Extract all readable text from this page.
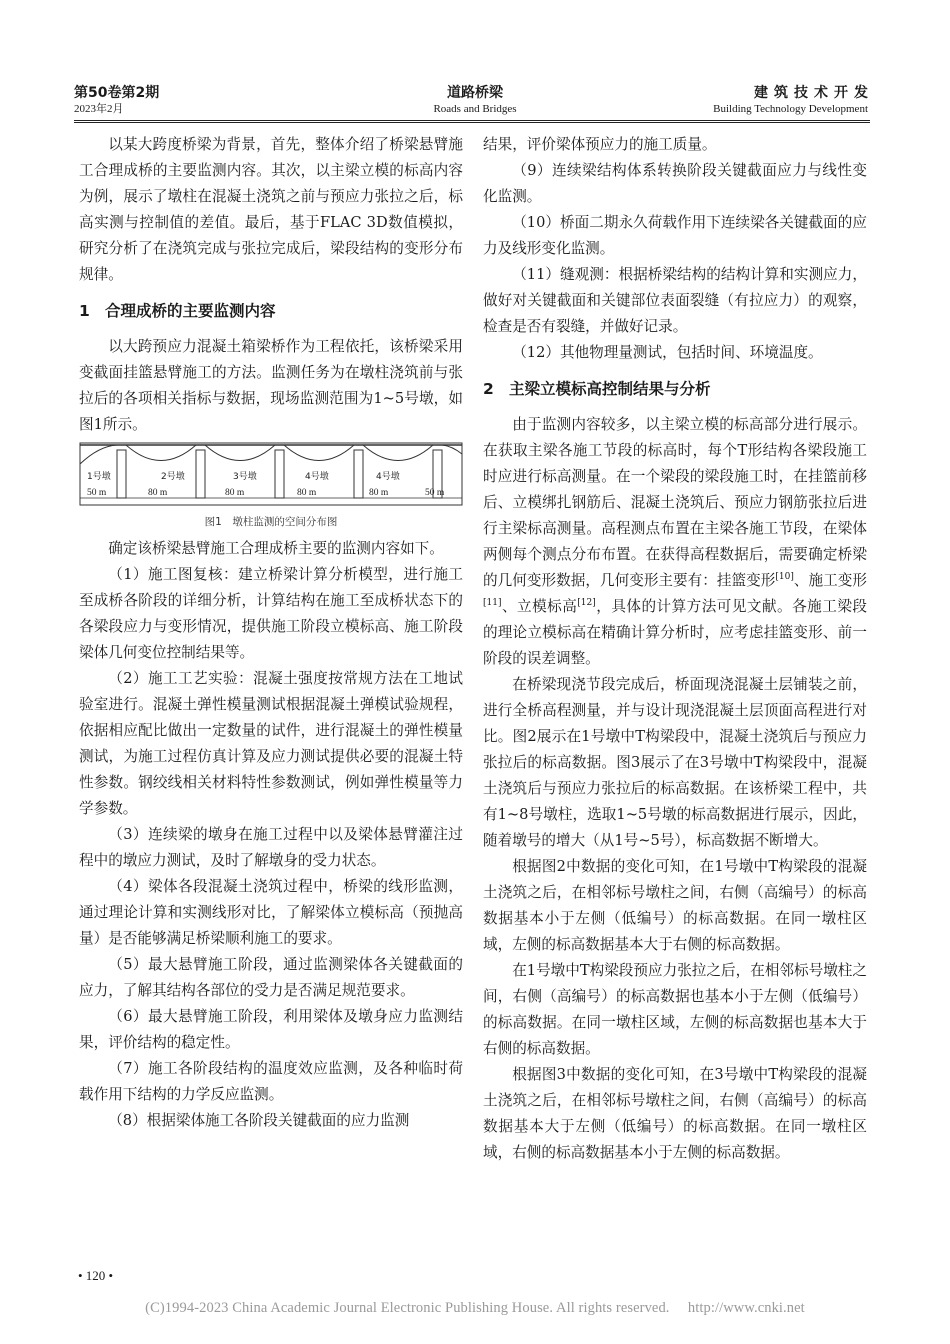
第50卷第2期
2023年2月
道路桥梁
Roads and Bridges
建筑技术开发
Building Technology Development

以某大跨度桥梁为背景，首先，整体介绍了桥梁悬臂施工合理成桥的主要监测内容。其次，以主梁立模的标高内容为例，展示了墩柱在混凝土浇筑之前与预应力张拉之后，标高实测与控制值的差值。最后，基于FLAC 3D数值模拟，研究分析了在浇筑完成与张拉完成后，梁段结构的变形分布规律。

1 合理成桥的主要监测内容

以大跨预应力混凝土箱梁桥作为工程依托，该桥梁采用变截面挂篮悬臂施工的方法。监测任务为在墩柱浇筑前与张拉后的各项相关指标与数据，现场监测范围为1~5号墩，如图1所示。

1号墩	2号墩	3号墩	4号墩	4号墩
50 m	80 m	80 m	80 m	80 m	50 m
图1　墩柱监测的空间分布图

确定该桥梁悬臂施工合理成桥主要的监测内容如下。

（1）施工图复核：建立桥梁计算分析模型，进行施工至成桥各阶段的详细分析，计算结构在施工至成桥状态下的各梁段应力与变形情况，提供施工阶段立模标高、施工阶段梁体几何变位控制结果等。

（2）施工工艺实验：混凝土强度按常规方法在工地试验室进行。混凝土弹性模量测试根据混凝土弹模试验规程，依据相应配比做出一定数量的试件，进行混凝土的弹性模量测试，为施工过程仿真计算及应力测试提供必要的混凝土特性参数。钢绞线相关材料特性参数测试，例如弹性模量等力学参数。

（3）连续梁的墩身在施工过程中以及梁体悬臂灌注过程中的墩应力测试，及时了解墩身的受力状态。

（4）梁体各段混凝土浇筑过程中，桥梁的线形监测，通过理论计算和实测线形对比，了解梁体立模标高（预抛高量）是否能够满足桥梁顺利施工的要求。

（5）最大悬臂施工阶段，通过监测梁体各关键截面的应力，了解其结构各部位的受力是否满足规范要求。

（6）最大悬臂施工阶段，利用梁体及墩身应力监测结果，评价结构的稳定性。

（7）施工各阶段结构的温度效应监测，及各种临时荷载作用下结构的力学反应监测。

（8）根据梁体施工各阶段关键截面的应力监测

结果，评价梁体预应力的施工质量。

（9）连续梁结构体系转换阶段关键截面应力与线性变化监测。

（10）桥面二期永久荷载作用下连续梁各关键截面的应力及线形变化监测。

（11）缝观测：根据桥梁结构的结构计算和实测应力，做好对关键截面和关键部位表面裂缝（有拉应力）的观察，检查是否有裂缝，并做好记录。

（12）其他物理量测试，包括时间、环境温度。

2 主梁立模标高控制结果与分析

由于监测内容较多，以主梁立模的标高部分进行展示。在获取主梁各施工节段的标高时，每个T形结构各梁段施工时应进行标高测量。在一个梁段的梁段施工时，在挂篮前移后、立模绑扎钢筋后、混凝土浇筑后、预应力钢筋张拉后进行主梁标高测量。高程测点布置在主梁各施工节段，在梁体两侧每个测点分布布置。在获得高程数据后，需要确定桥梁的几何变形数据，几何变形主要有：挂篮变形[10]、施工变形[11]、立模标高[12]，具体的计算方法可见文献。各施工梁段的理论立模标高在精确计算分析时，应考虑挂篮变形、前一阶段的误差调整。

在桥梁现浇节段完成后，桥面现浇混凝土层铺装之前，进行全桥高程测量，并与设计现浇混凝土层顶面高程进行对比。图2展示在1号墩中T构梁段中，混凝土浇筑后与预应力张拉后的标高数据。图3展示了在3号墩中T构梁段中，混凝土浇筑后与预应力张拉后的标高数据。在该桥梁工程中，共有1~8号墩柱，选取1~5号墩的标高数据进行展示，因此，随着墩号的增大（从1号~5号），标高数据不断增大。

根据图2中数据的变化可知，在1号墩中T构梁段的混凝土浇筑之后，在相邻标号墩柱之间，右侧（高编号）的标高数据基本小于左侧（低编号）的标高数据。在同一墩柱区域，左侧的标高数据基本大于右侧的标高数据。

在1号墩中T构梁段预应力张拉之后，在相邻标号墩柱之间，右侧（高编号）的标高数据也基本小于左侧（低编号）的标高数据。在同一墩柱区域，左侧的标高数据也基本大于右侧的标高数据。

根据图3中数据的变化可知，在3号墩中T构梁段的混凝土浇筑之后，在相邻标号墩柱之间，右侧（高编号）的标高数据基本大于左侧（低编号）的标高数据。在同一墩柱区域，右侧的标高数据基本小于左侧的标高数据。

• 120 •
(C)1994-2023 China Academic Journal Electronic Publishing House. All rights reserved.　 http://www.cnki.net
